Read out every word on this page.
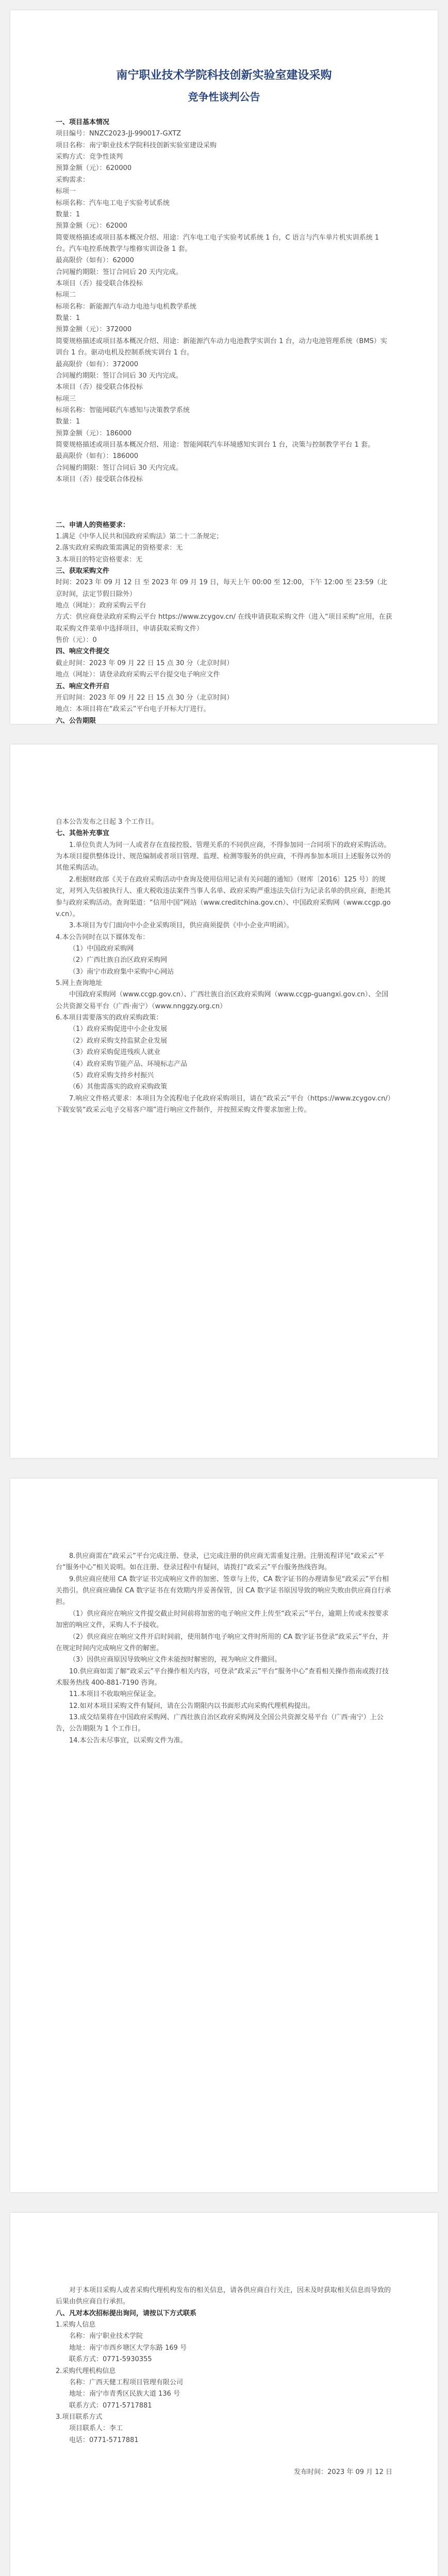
南宁职业技术学院科技创新实验室建设采购
竞争性谈判公告

一、项目基本情况

项目编号：NNZC2023-JJ-990017-GXTZ

项目名称：南宁职业技术学院科技创新实验室建设采购

采购方式：竞争性谈判

预算金额（元）：620000

采购需求：

标项一

标项名称：汽车电工电子实验考试系统

数量：1

预算金额（元）：62000

简要规格描述或项目基本概况介绍、用途：汽车电工电子实验考试系统 1 台，C 语言与汽车单片机实训系统 1 台。汽车电控系统教学与维修实训设备 1 套。

最高限价（如有）：62000

合同履约期限：签订合同后 20 天内完成。

本项目（否）接受联合体投标

标项二

标项名称：新能源汽车动力电池与电机教学系统

数量：1

预算金额（元）：372000

简要规格描述或项目基本概况介绍、用途：新能源汽车动力电池教学实训台 1 台，动力电池管理系统（BMS）实训台 1 台。驱动电机及控制系统实训台 1 台。

最高限价（如有）：372000

合同履约期限：签订合同后 30 天内完成。

本项目（否）接受联合体投标

标项三

标项名称：智能网联汽车感知与决策教学系统

数量：1

预算金额（元）：186000

简要规格描述或项目基本概况介绍、用途：智能网联汽车环境感知实训台 1 台，决策与控制教学平台 1 套。

最高限价（如有）：186000

合同履约期限：签订合同后 30 天内完成。

本项目（否）接受联合体投标

二、申请人的资格要求：

1.满足《中华人民共和国政府采购法》第二十二条规定；

2.落实政府采购政策需满足的资格要求：无

3.本项目的特定资格要求：无

三、获取采购文件

时间：2023 年 09 月 12 日 至 2023 年 09 月 19 日，每天上午 00:00 至 12:00，下午 12:00 至 23:59（北京时间，法定节假日除外）

地点（网址）：政府采购云平台

方式：供应商登录政府采购云平台 https://www.zcygov.cn/ 在线申请获取采购文件（进入“项目采购”应用，在获取采购文件菜单中选择项目，申请获取采购文件）

售价（元）：0

四、响应文件提交

截止时间：2023 年 09 月 22 日 15 点 30 分（北京时间）

地点（网址）：请登录政府采购云平台提交电子响应文件

五、响应文件开启

开启时间：2023 年 09 月 22 日 15 点 30 分（北京时间）

地点：本项目将在“政采云”平台电子开标大厅进行。

六、公告期限

自本公告发布之日起 3 个工作日。

七、其他补充事宜

1.单位负责人为同一人或者存在直接控股、管理关系的不同供应商，不得参加同一合同项下的政府采购活动。为本项目提供整体设计、规范编制或者项目管理、监理、检测等服务的供应商，不得再参加本项目上述服务以外的其他采购活动。

2.根据财政部《关于在政府采购活动中查询及使用信用记录有关问题的通知》（财库〔2016〕125 号）的规定，对列入失信被执行人、重大税收违法案件当事人名单、政府采购严重违法失信行为记录名单的供应商，拒绝其参与政府采购活动。查询渠道：“信用中国”网站（www.creditchina.gov.cn）、中国政府采购网（www.ccgp.gov.cn）。

3.本项目为专门面向中小企业采购项目，供应商须提供《中小企业声明函》。

4.本公告同时在以下媒体发布：

（1）中国政府采购网

（2）广西壮族自治区政府采购网

（3）南宁市政府集中采购中心网站

5.网上查询地址

中国政府采购网（www.ccgp.gov.cn）、广西壮族自治区政府采购网（www.ccgp-guangxi.gov.cn）、全国公共资源交易平台（广西·南宁）（www.nnggzy.org.cn）

6.本项目需要落实的政府采购政策：

（1）政府采购促进中小企业发展

（2）政府采购支持监狱企业发展

（3）政府采购促进残疾人就业

（4）政府采购节能产品、环境标志产品

（5）政府采购支持乡村振兴

（6）其他需落实的政府采购政策

7.响应文件格式要求：本项目为全流程电子化政府采购项目，请在“政采云”平台（https://www.zcygov.cn/）下载安装“政采云电子交易客户端”进行响应文件制作，并按照采购文件要求加密上传。

8.供应商需在“政采云”平台完成注册、登录，已完成注册的供应商无需重复注册。注册流程详见“政采云”平台“服务中心”相关说明。如在注册、登录过程中有疑问，请拨打“政采云”平台服务热线咨询。

9.供应商应使用 CA 数字证书完成响应文件的加密、签章与上传，CA 数字证书的办理请参见“政采云”平台相关指引。供应商应确保 CA 数字证书在有效期内并妥善保管，因 CA 数字证书原因导致的响应失败由供应商自行承担。

（1）供应商应在响应文件提交截止时间前将加密的电子响应文件上传至“政采云”平台，逾期上传或未按要求加密的响应文件，采购人不予接收。

（2）供应商应在响应文件开启时间前，使用制作电子响应文件时所用的 CA 数字证书登录“政采云”平台，并在规定时间内完成响应文件的解密。

（3）因供应商原因导致响应文件未能按时解密的，视为响应文件撤回。

10.供应商如需了解“政采云”平台操作相关内容，可登录“政采云”平台“服务中心”查看相关操作指南或拨打技术服务热线 400-881-7190 咨询。

11.本项目不收取响应保证金。

12.如对本项目采购文件有疑问，请在公告期限内以书面形式向采购代理机构提出。

13.成交结果将在中国政府采购网、广西壮族自治区政府采购网及全国公共资源交易平台（广西·南宁）上公告，公告期限为 1 个工作日。

14.本公告未尽事宜，以采购文件为准。

对于本项目采购人或者采购代理机构发布的相关信息，请各供应商自行关注，因未及时获取相关信息而导致的后果由供应商自行承担。

八、凡对本次招标提出询问，请按以下方式联系

1.采购人信息

名称：南宁职业技术学院

地址：南宁市西乡塘区大学东路 169 号

联系方式：0771-5930355

2.采购代理机构信息

名称：广西天健工程项目管理有限公司

地址：南宁市青秀区民族大道 136 号

联系方式：0771-5717881

3.项目联系方式

项目联系人：李工

电话：0771-5717881

发布时间：2023 年 09 月 12 日
